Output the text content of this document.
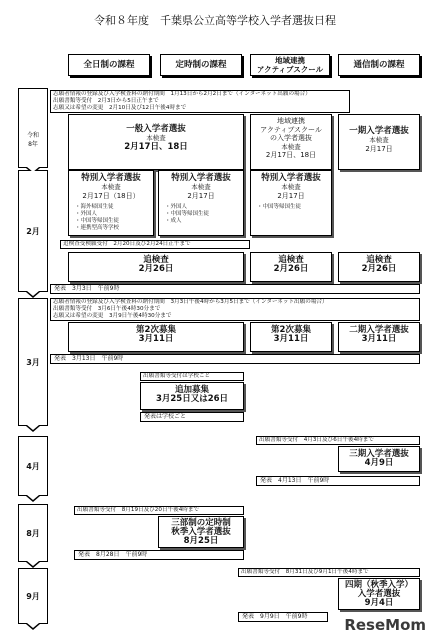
令和８年度　千葉県公立高等学校入学者選抜日程
全日制の課程	定時制の課程	地域連携
アクティブスクール	通信制の課程
令和
8年
2月
3月
4月
8月
9月
志願者情報の登録及び入学検査料の納付期間　1月13日から2月2日まで（インターネット出願の場合）
出願書類等受付　2月3日から5日正午まで
志願又は希望の変更　2月10日及び12日午後4時まで
一般入学者選抜
本検査
2月17日、18日
地域連携
アクティブスクール
の入学者選抜
本検査
2月17日、18日
一期入学者選抜
本検査
2月17日
特別入学者選抜
本検査
2月17日（18日）
・海外帰国生徒
・外国人
・中国等帰国生徒
・連携型高等学校
特別入学者選抜
本検査
2月17日
・外国人
・中国等帰国生徒
・成人
特別入学者選抜
本検査
2月17日
・中国等帰国生徒
追検査受検願受付　2月20日及び2月24日正午まで
追検査
2月26日
追検査
2月26日
追検査
2月26日
発表　3月3日　午前9時
志願者情報の登録及び入学検査料の納付期間　3月3日午後4時から3月5日まで（インターネット出願の場合）
出願書類等受付　3月6日午後4時30分まで
志願又は希望の変更　3月9日午後4時30分まで
第2次募集
3月11日
第2次募集
3月11日
二期入学者選抜
3月11日
発表　3月13日　午前9時
出願書類等受付は学校ごと
追加募集
3月25日又は26日
発表は学校ごと
出願書類等受付　4月3日及び6日午後4時まで
三期入学者選抜
4月9日
発表　4月13日　午前9時
出願書類等受付　8月19日及び20日午後4時まで
三部制の定時制
秋季入学者選抜
8月25日
発表　8月28日　午前9時
出願書類等受付　8月31日及び9月1日午後4時まで
四期（秋季入学）
入学者選抜
9月4日
発表　9月9日　午前9時	ReseMom
